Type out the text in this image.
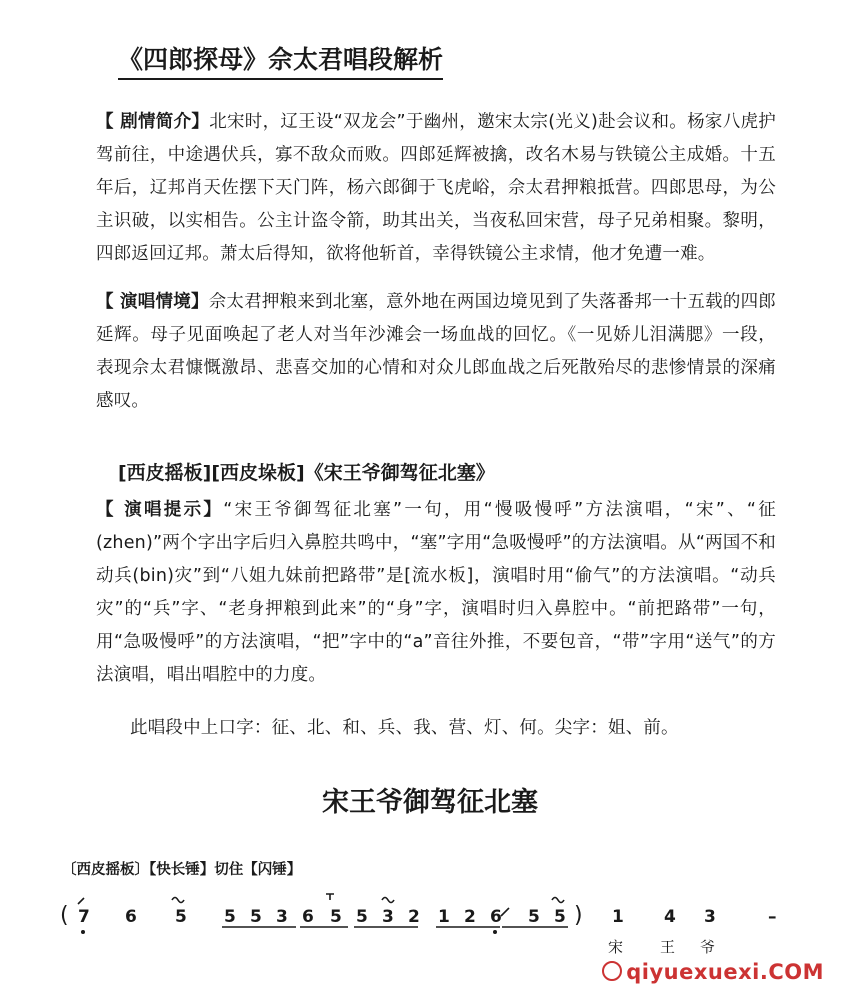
《四郎探母》佘太君唱段解析
【 剧情简介】北宋时，辽王设“双龙会”于幽州，邀宋太宗(光义)赴会议和。杨家八虎护驾前往，中途遇伏兵，寡不敌众而败。四郎延辉被擒，改名木易与铁镜公主成婚。十五年后，辽邦肖天佐摆下天门阵，杨六郎御于飞虎峪，佘太君押粮抵营。四郎思母，为公主识破，以实相告。公主计盗令箭，助其出关，当夜私回宋营，母子兄弟相聚。黎明，四郎返回辽邦。萧太后得知，欲将他斩首，幸得铁镜公主求情，他才免遭一难。
【 演唱情境】佘太君押粮来到北塞，意外地在两国边境见到了失落番邦一十五载的四郎延辉。母子见面唤起了老人对当年沙滩会一场血战的回忆。《一见娇儿泪满腮》一段，表现佘太君慷慨激昂、悲喜交加的心情和对众儿郎血战之后死散殆尽的悲惨情景的深痛感叹。
[西皮摇板][西皮垛板]《宋王爷御驾征北塞》
【 演唱提示】“宋王爷御驾征北塞”一句，用“慢吸慢呼”方法演唱，“宋”、“征(zhen)”两个字出字后归入鼻腔共鸣中，“塞”字用“急吸慢呼”的方法演唱。从“两国不和动兵(bin)灾”到“八姐九妹前把路带”是[流水板]，演唱时用“偷气”的方法演唱。“动兵灾”的“兵”字、“老身押粮到此来”的“身”字，演唱时归入鼻腔中。“前把路带”一句，用“急吸慢呼”的方法演唱，“把”字中的“a”音往外推，不要包音，“带”字用“送气”的方法演唱，唱出唱腔中的力度。
此唱段中上口字：征、北、和、兵、我、营、灯、何。尖字：姐、前。
宋王爷御驾征北塞
〔西皮摇板〕【快长锤】切住【闪锤】
( 7 6 5 5 5 3 6 5 5 3 2 1 2 6 5 5 ) 1 4 3	–
宋 王 爷
qiyuexuexi.COM
